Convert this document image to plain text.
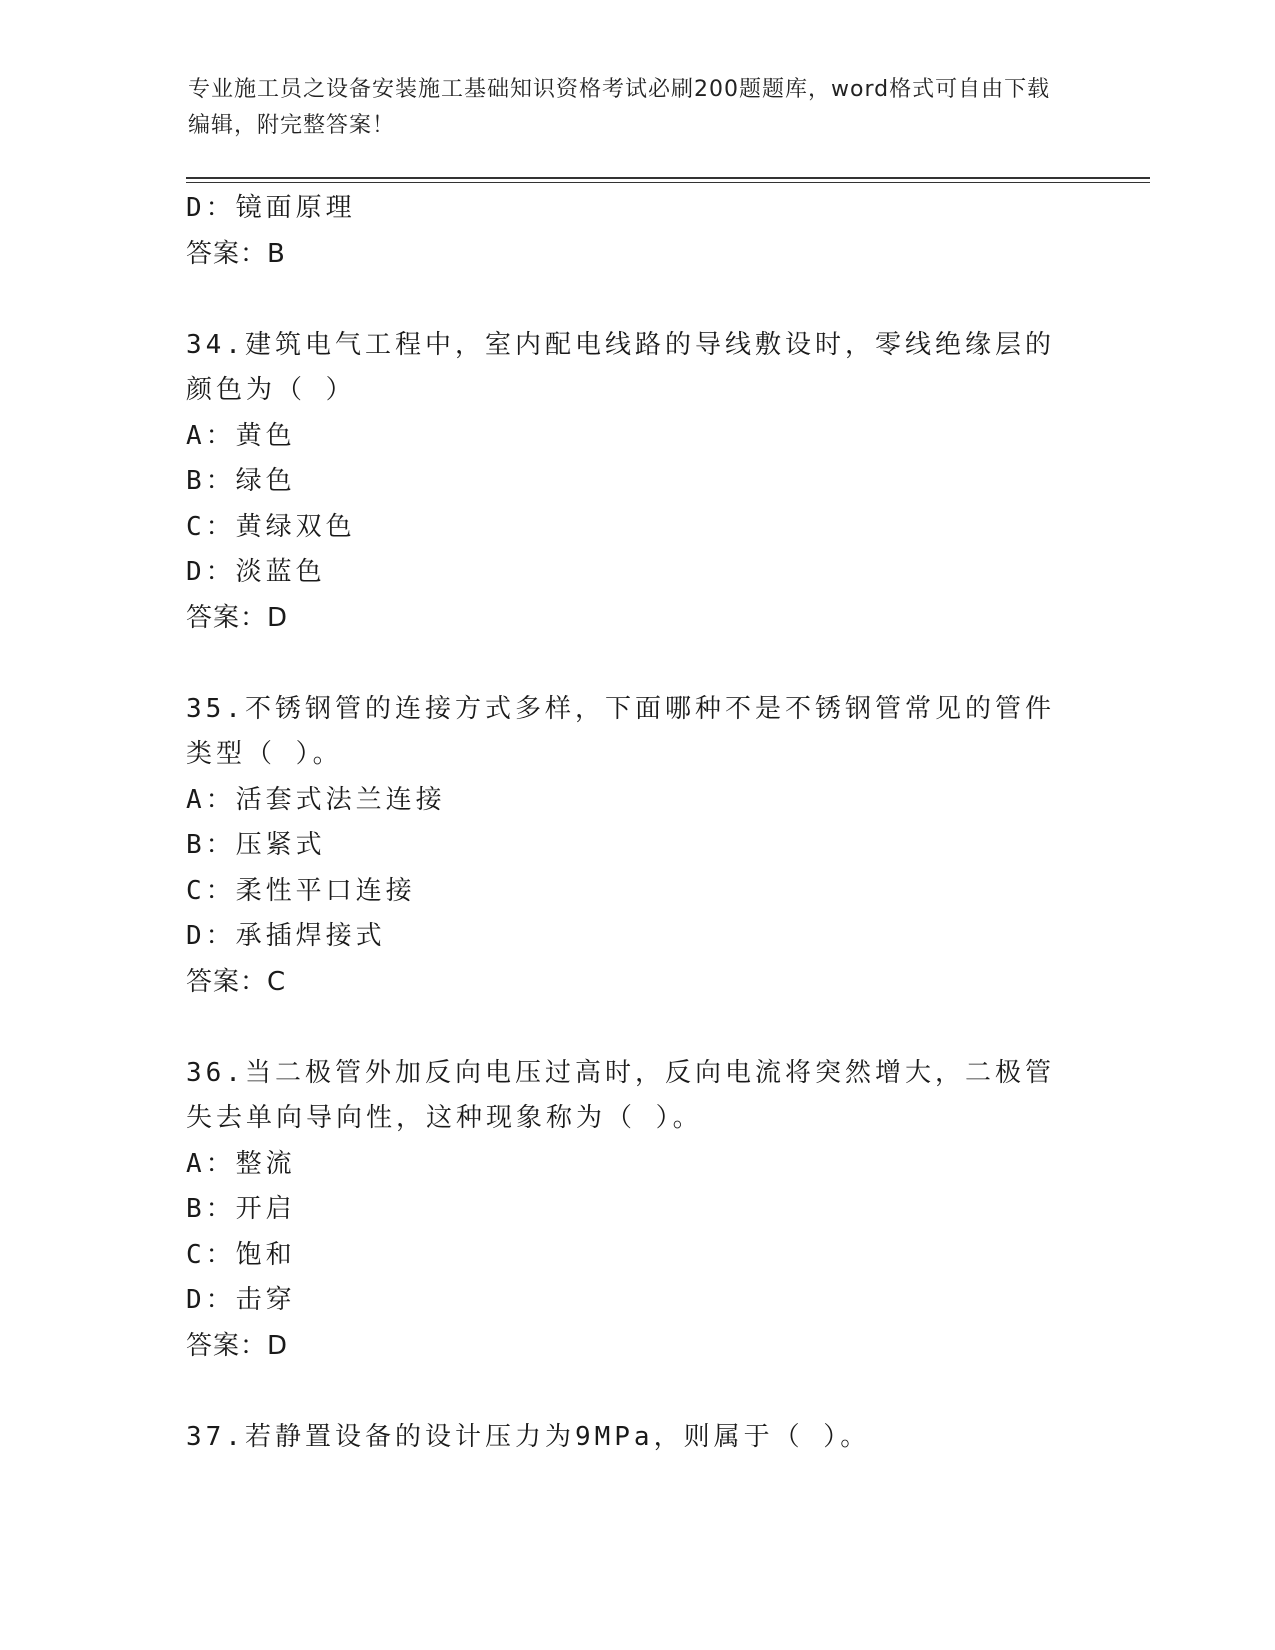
专业施工员之设备安装施工基础知识资格考试必刷200题题库，word格式可自由下载编辑，附完整答案！
D：镜面原理
答案：B
34.建筑电气工程中，室内配电线路的导线敷设时，零线绝缘层的颜色为（ ）
A：黄色
B：绿色
C：黄绿双色
D：淡蓝色
答案：D
35.不锈钢管的连接方式多样，下面哪种不是不锈钢管常见的管件类型（ ）。
A：活套式法兰连接
B：压紧式
C：柔性平口连接
D：承插焊接式
答案：C
36.当二极管外加反向电压过高时，反向电流将突然增大，二极管失去单向导向性，这种现象称为（ ）。
A：整流
B：开启
C：饱和
D：击穿
答案：D
37.若静置设备的设计压力为9MPa，则属于（ ）。
